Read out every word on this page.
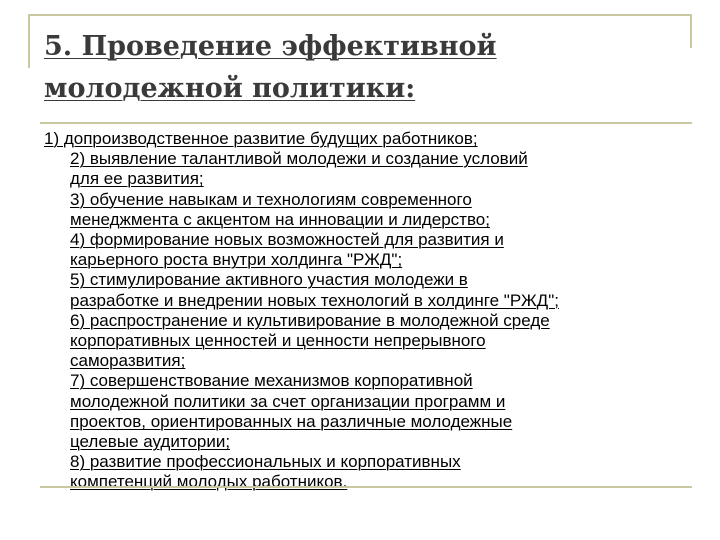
5. Проведение эффективной
молодежной политики:
1) допроизводственное развитие будущих работников;
2) выявление талантливой молодежи и создание условий
для ее развития;
3) обучение навыкам и технологиям современного
менеджмента с акцентом на инновации и лидерство;
4) формирование новых возможностей для развития и
карьерного роста внутри холдинга "РЖД";
5) стимулирование активного участия молодежи в
разработке и внедрении новых технологий в холдинге "РЖД";
6) распространение и культивирование в молодежной среде
корпоративных ценностей и ценности непрерывного
саморазвития;
7) совершенствование механизмов корпоративной
молодежной политики за счет организации программ и
проектов, ориентированных на различные молодежные
целевые аудитории;
8) развитие профессиональных и корпоративных
компетенций молодых работников.
